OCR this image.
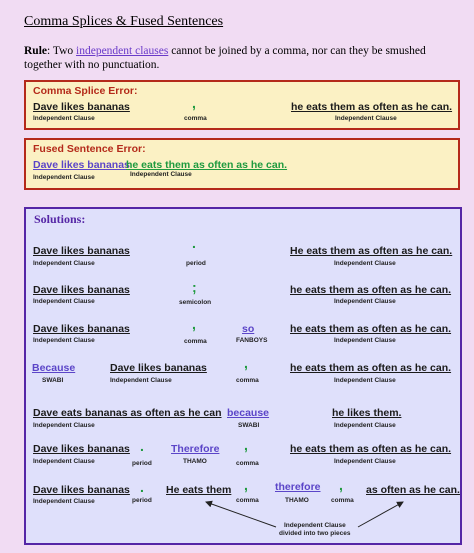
Comma Splices & Fused Sentences
Rule: Two independent clauses cannot be joined by a comma, nor can they be smushed together with no punctuation.
Comma Splice Error:
Dave likes bananas
Independent Clause
,
comma
he eats them as often as he can.
Independent Clause
Fused Sentence Error:
Dave likes bananas
he eats them as often as he can.
Independent Clause	Independent Clause
Solutions:
Dave likes bananas
Independent Clause
.
period
He eats them as often as he can.
Independent Clause
Dave likes bananas
Independent Clause
;
semicolon
he eats them as often as he can.
Independent Clause
Dave likes bananas
Independent Clause
,
comma
so
FANBOYS
he eats them as often as he can.
Independent Clause
Because
SWABI
Dave likes bananas
Independent Clause
,
comma
he eats them as often as he can.
Independent Clause
Dave eats bananas as often as he can
Independent Clause
because
SWABI
he likes them.
Independent Clause
Dave likes bananas
Independent Clause
.
period
Therefore
THAMO
,
comma
he eats them as often as he can.
Independent Clause
Dave likes bananas
Independent Clause
.
period
He eats them ,
comma
therefore
THAMO
,
comma
as often as he can.
Independent Clause
divided into two pieces
